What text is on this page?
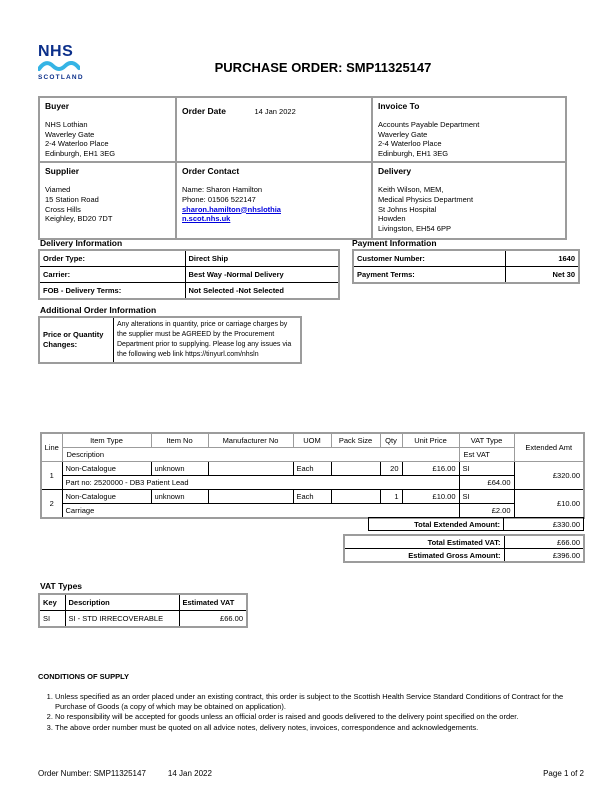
NHS
SCOTLAND
PURCHASE ORDER: SMP11325147
Buyer
NHS Lothian
Waverley Gate
2-4 Waterloo Place
Edinburgh, EH1 3EG
	Order Date	14 Jan 2022	
Invoice To
Accounts Payable Department
Waverley Gate
2-4 Waterloo Place
Edinburgh, EH1 3EG

Supplier
Viamed
15 Station Road
Cross Hills
Keighley, BD20 7DT

Order Contact
Name: Sharon Hamilton
Phone: 01506 522147
sharon.hamilton@nhslothian.scot.nhs.uk

Delivery
Keith Wilson, MEM,
Medical Physics Department
St Johns Hospital
Howden
Livingston, EH54 6PP
Delivery Information
Order Type:	Direct Ship
Carrier:	Best Way -Normal Delivery
FOB - Delivery Terms:	Not Selected -Not Selected
Payment Information
Customer Number:	1640
Payment Terms:	Net 30
Additional Order Information
Price or Quantity Changes:
Any alterations in quantity, price or carriage charges by the supplier must be AGREED by the Procurement Department prior to supplying. Please log any issues via the following web link https://tinyurl.com/nhsln
Line	Item Type	Item No	Manufacturer No	UOM	Pack Size	Qty	Unit Price	VAT Type	Extended Amt
	Description							Est VAT	
1	Non-Catalogue	unknown		Each		20	£16.00	SI	£320.00
	Part no: 2520000 - DB3 Patient Lead							£64.00	
2	Non-Catalogue	unknown		Each		1	£10.00	SI	£10.00
	Carriage							£2.00	
Total Extended Amount:	£330.00
Total Estimated VAT:	£66.00
Estimated Gross Amount:	£396.00
VAT Types
Key	Description	Estimated VAT
SI	SI - STD IRRECOVERABLE	£66.00
CONDITIONS OF SUPPLY
1. Unless specified as an order placed under an existing contract, this order is subject to the Scottish Health Service Standard Conditions of Contract for the Purchase of Goods (a copy of which may be obtained on application).
2. No responsibility will be accepted for goods unless an official order is raised and goods delivered to the delivery point specified on the order.
3. The above order number must be quoted on all advice notes, delivery notes, invoices, correspondence and acknowledgements.
Order Number: SMP11325147	14 Jan 2022	Page 1 of 2
